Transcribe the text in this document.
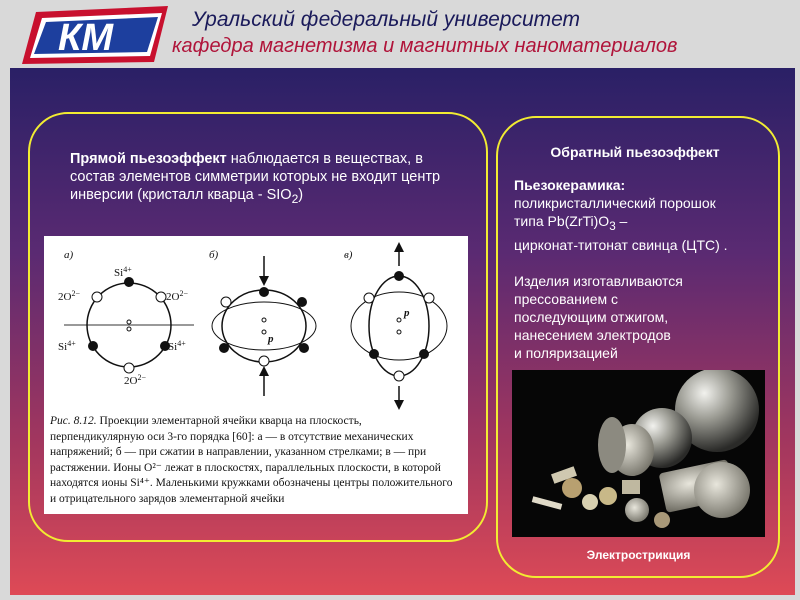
КМ	Уральский федеральный университет
кафедра магнетизма и магнитных наноматериалов
Прямой пьезоэффект наблюдается в веществах, в состав элементов симметрии которых не входит центр инверсии (кристалл кварца - $SIO_2$)
а)	б)	в)
$Si^{4+}$
$2O^{2-}$	$2O^{2-}$
$Si^{4+}$	$Si^{4+}$
$2O^{2-}$
p
p
Рис. 8.12. Проекции элементарной ячейки кварца на плоскость, перпендикулярную оси 3-го порядка [60]: а — в отсутствие механических напряжений; б — при сжатии в направлении, указанном стрелками; в — при растяжении. Ионы O²⁻ лежат в плоскостях, параллельных плоскости, в которой находятся ионы Si⁴⁺. Маленькими кружками обозначены центры положительного и отрицательного зарядов элементарной ячейки
Обратный пьезоэффект
Пьезокерамика:
поликристаллический порошок
типа $Pb(ZrTi)O_3$ –
цирконат-титонат свинца (ЦТС) .
Изделия изготавливаются
прессованием с
последующим отжигом,
нанесением электродов
и поляризацией
Электрострикция
